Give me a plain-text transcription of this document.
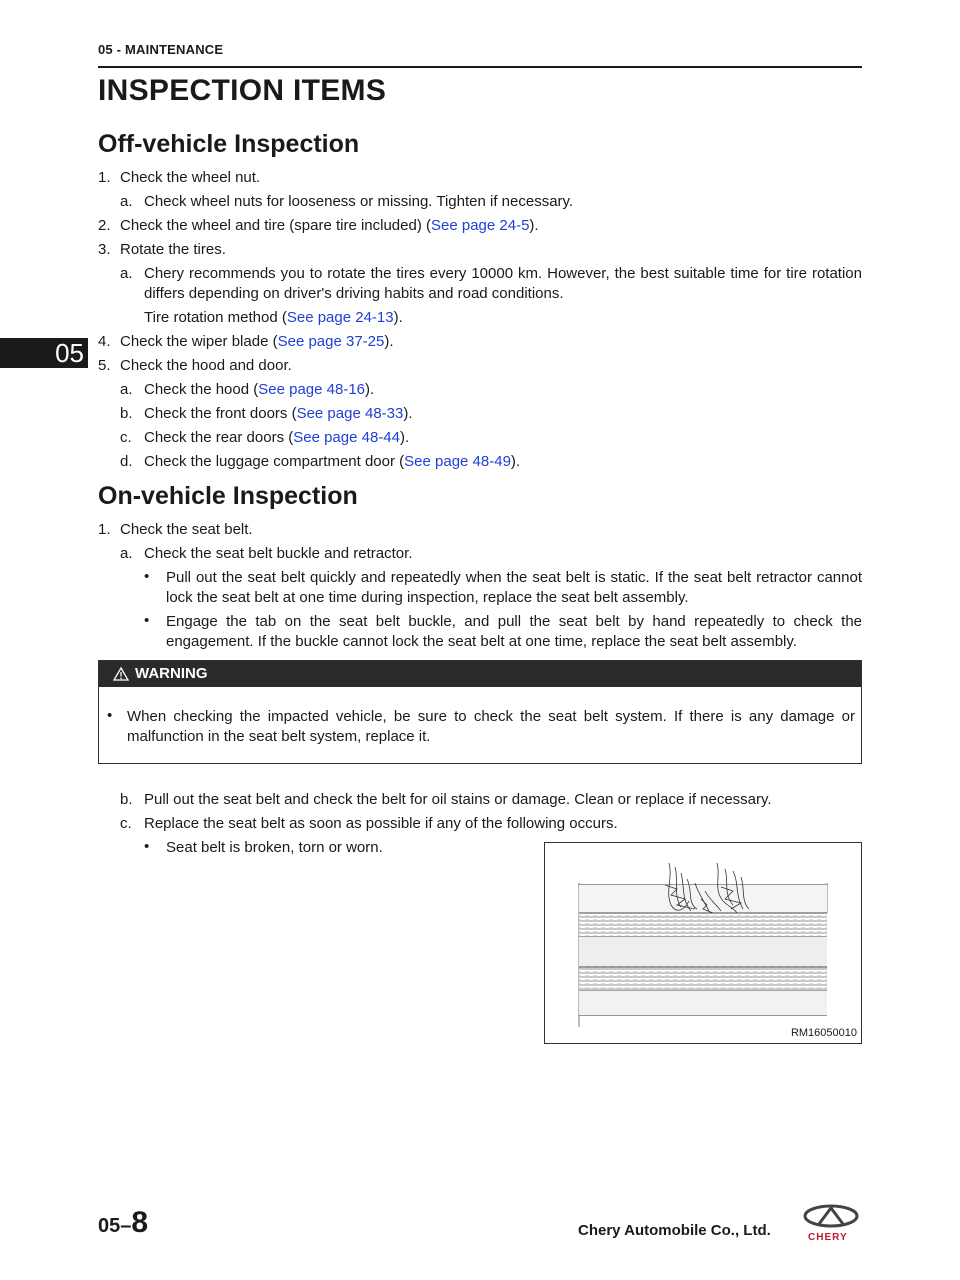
05 - MAINTENANCE
INSPECTION ITEMS
05
Off-vehicle Inspection
1. Check the wheel nut.
a. Check wheel nuts for looseness or missing. Tighten if necessary.
2. Check the wheel and tire (spare tire included) (See page 24-5).
3. Rotate the tires.
a. Chery recommends you to rotate the tires every 10000 km. However, the best suitable time for tire rotation differs depending on driver's driving habits and road conditions.
Tire rotation method (See page 24-13).
4. Check the wiper blade (See page 37-25).
5. Check the hood and door.
a. Check the hood (See page 48-16).
b. Check the front doors (See page 48-33).
c. Check the rear doors (See page 48-44).
d. Check the luggage compartment door (See page 48-49).
On-vehicle Inspection
1. Check the seat belt.
a. Check the seat belt buckle and retractor.
• Pull out the seat belt quickly and repeatedly when the seat belt is static. If the seat belt retractor cannot lock the seat belt at one time during inspection, replace the seat belt assembly.
• Engage the tab on the seat belt buckle, and pull the seat belt by hand repeatedly to check the engagement. If the buckle cannot lock the seat belt at one time, replace the seat belt assembly.
WARNING
• When checking the impacted vehicle, be sure to check the seat belt system. If there is any damage or malfunction in the seat belt system, replace it.
b. Pull out the seat belt and check the belt for oil stains or damage. Clean or replace if necessary.
c. Replace the seat belt as soon as possible if any of the following occurs.
• Seat belt is broken, torn or worn.
RM16050010
05–8	Chery Automobile Co., Ltd.	CHERY
